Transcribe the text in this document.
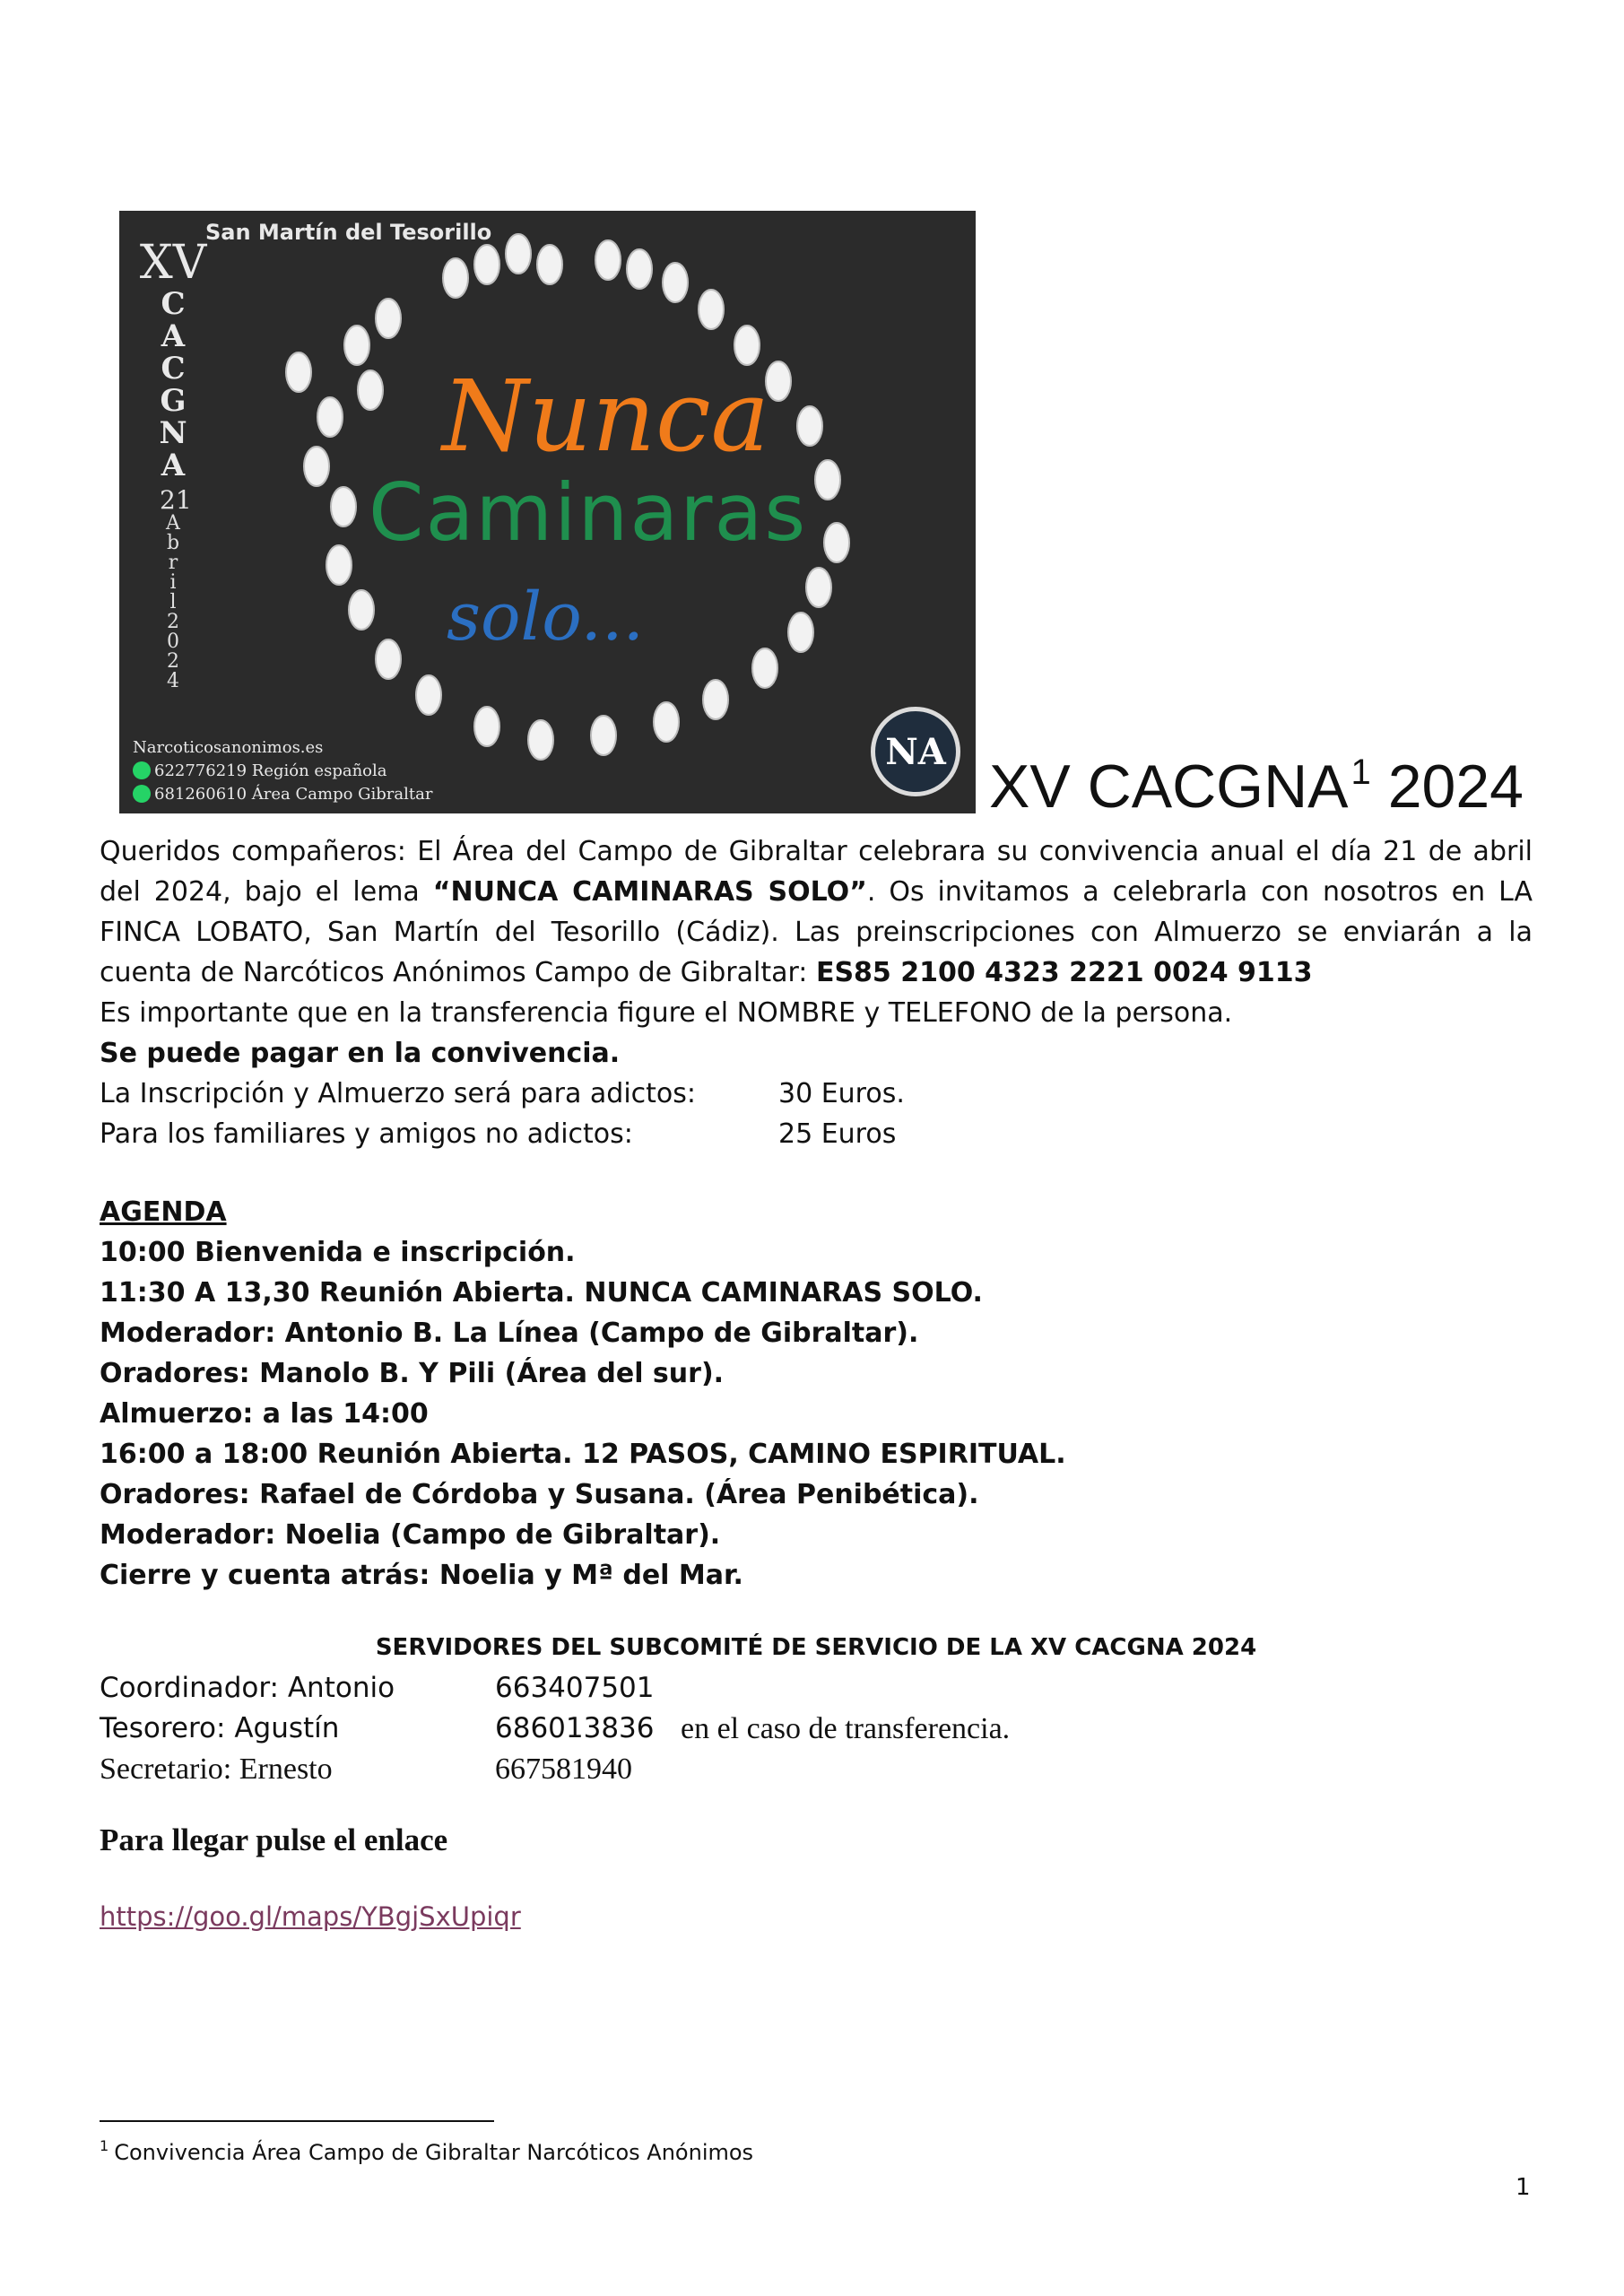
San Martín del Tesorillo
XV
C
A
C
G
N
A
21
A
b
r
i
l
2
0
2
4
Nunca
Caminaras
solo...
Narcoticosanonimos.es
622776219 Región española
681260610 Área Campo Gibraltar
NA
XV CACGNA$^1$ 2024
Queridos compañeros: El Área del Campo de Gibraltar celebrara su convivencia anual el día 21 de abril del 2024, bajo el lema “NUNCA CAMINARAS SOLO”. Os invitamos a celebrarla con nosotros en LA FINCA LOBATO, San Martín del Tesorillo (Cádiz). Las preinscripciones con Almuerzo se enviarán a la cuenta de Narcóticos Anónimos Campo de Gibraltar: ES85 2100 4323 2221 0024 9113
Es importante que en la transferencia figure el NOMBRE y TELEFONO de la persona.
Se puede pagar en la convivencia.
La Inscripción y Almuerzo será para adictos:	30 Euros.
Para los familiares y amigos no adictos:	25 Euros
AGENDA
10:00 Bienvenida e inscripción.
11:30 A 13,30 Reunión Abierta. NUNCA CAMINARAS SOLO.
Moderador: Antonio B. La Línea (Campo de Gibraltar).
Oradores: Manolo B. Y Pili (Área del sur).
Almuerzo: a las 14:00
16:00 a 18:00 Reunión Abierta. 12 PASOS, CAMINO ESPIRITUAL.
Oradores: Rafael de Córdoba y Susana. (Área Penibética).
Moderador: Noelia (Campo de Gibraltar).
Cierre y cuenta atrás: Noelia y Mª del Mar.
SERVIDORES DEL SUBCOMITÉ DE SERVICIO DE LA XV CACGNA 2024
Coordinador: Antonio	663407501
Tesorero: Agustín	686013836 en el caso de transferencia.
Secretario: Ernesto	667581940
Para llegar pulse el enlace
https://goo.gl/maps/YBgjSxUpiqr
$^1$ Convivencia Área Campo de Gibraltar Narcóticos Anónimos
1
